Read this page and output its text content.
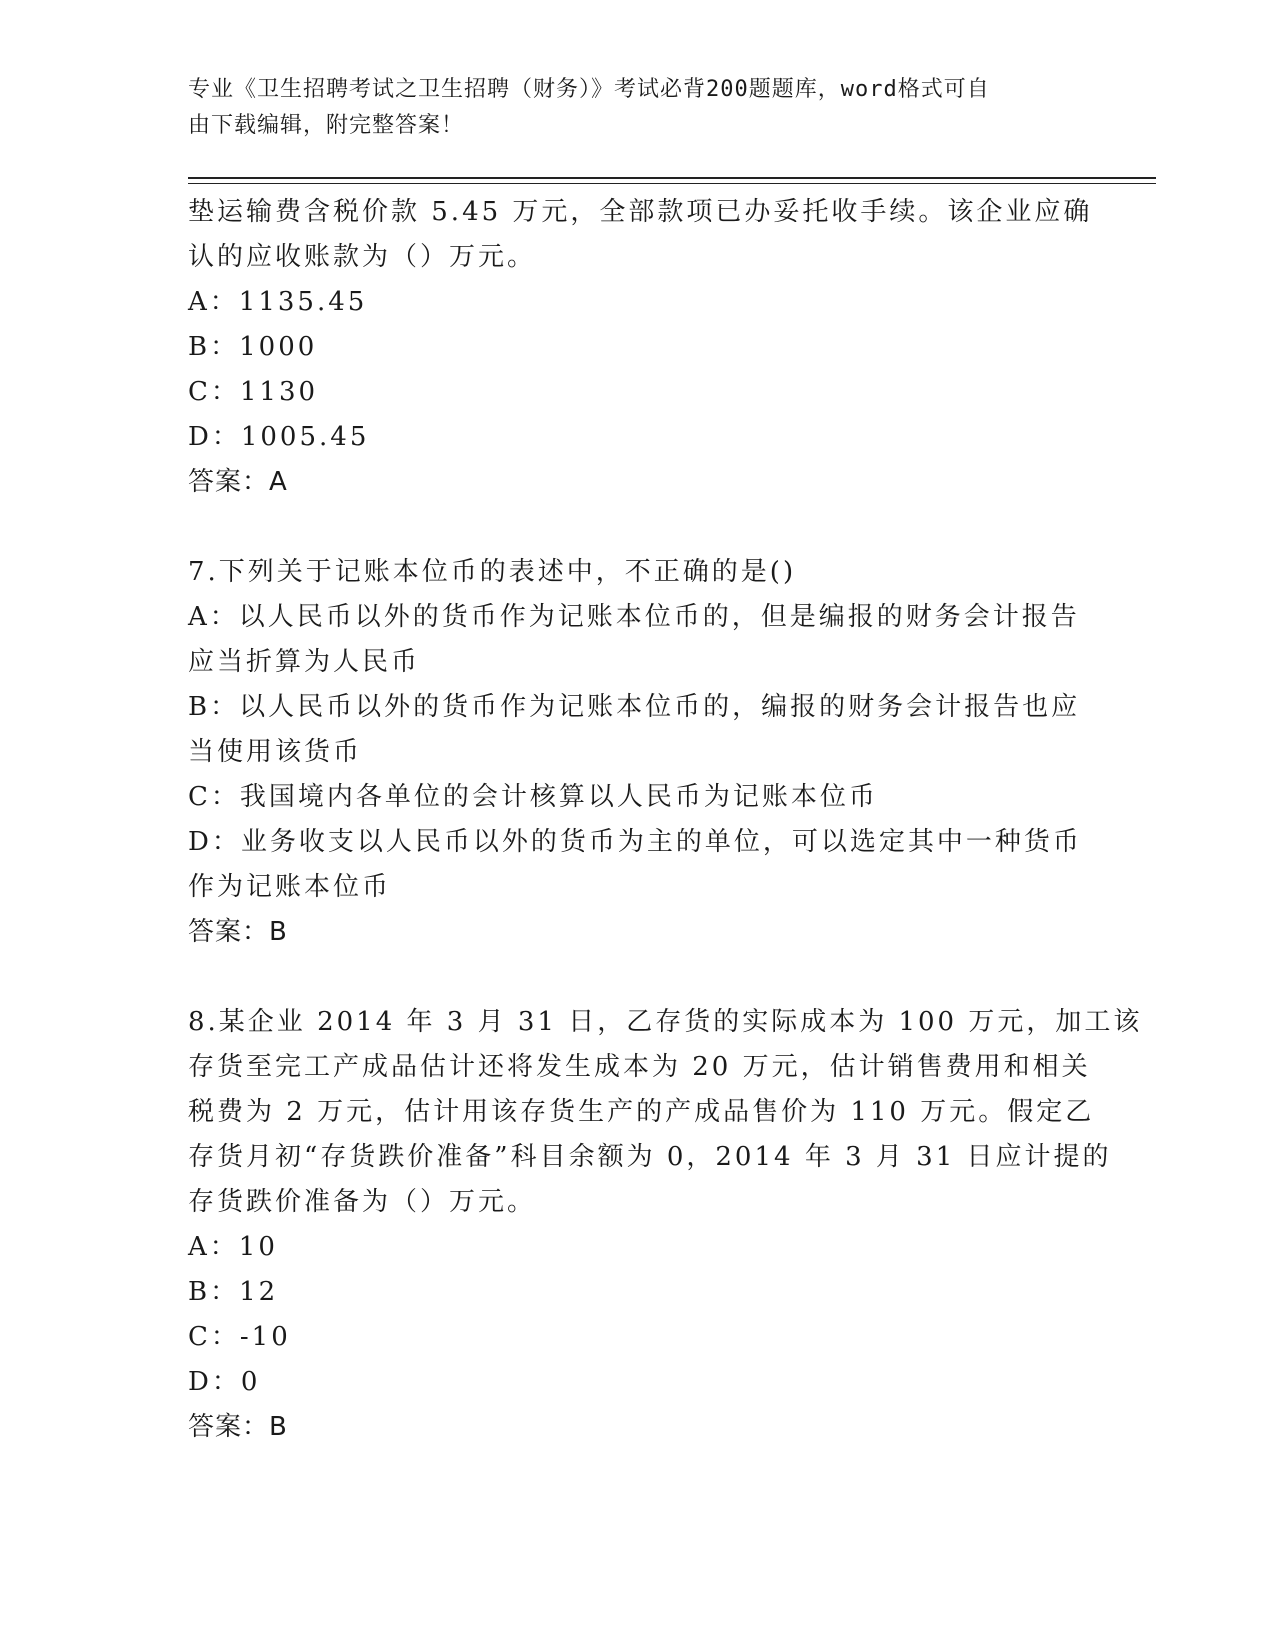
专业《卫生招聘考试之卫生招聘（财务）》考试必背200题题库，word格式可自
由下载编辑，附完整答案！
垫运输费含税价款 5.45 万元，全部款项已办妥托收手续。该企业应确
认的应收账款为（）万元。
A：1135.45
B：1000
C：1130
D：1005.45
答案：A
7.下列关于记账本位币的表述中，不正确的是()
A：以人民币以外的货币作为记账本位币的，但是编报的财务会计报告
应当折算为人民币
B：以人民币以外的货币作为记账本位币的，编报的财务会计报告也应
当使用该货币
C：我国境内各单位的会计核算以人民币为记账本位币
D：业务收支以人民币以外的货币为主的单位，可以选定其中一种货币
作为记账本位币
答案：B
8.某企业 2014 年 3 月 31 日，乙存货的实际成本为 100 万元，加工该
存货至完工产成品估计还将发生成本为 20 万元，估计销售费用和相关
税费为 2 万元，估计用该存货生产的产成品售价为 110 万元。假定乙
存货月初“存货跌价准备”科目余额为 0，2014 年 3 月 31 日应计提的
存货跌价准备为（）万元。
A：10
B：12
C：-10
D：0
答案：B
